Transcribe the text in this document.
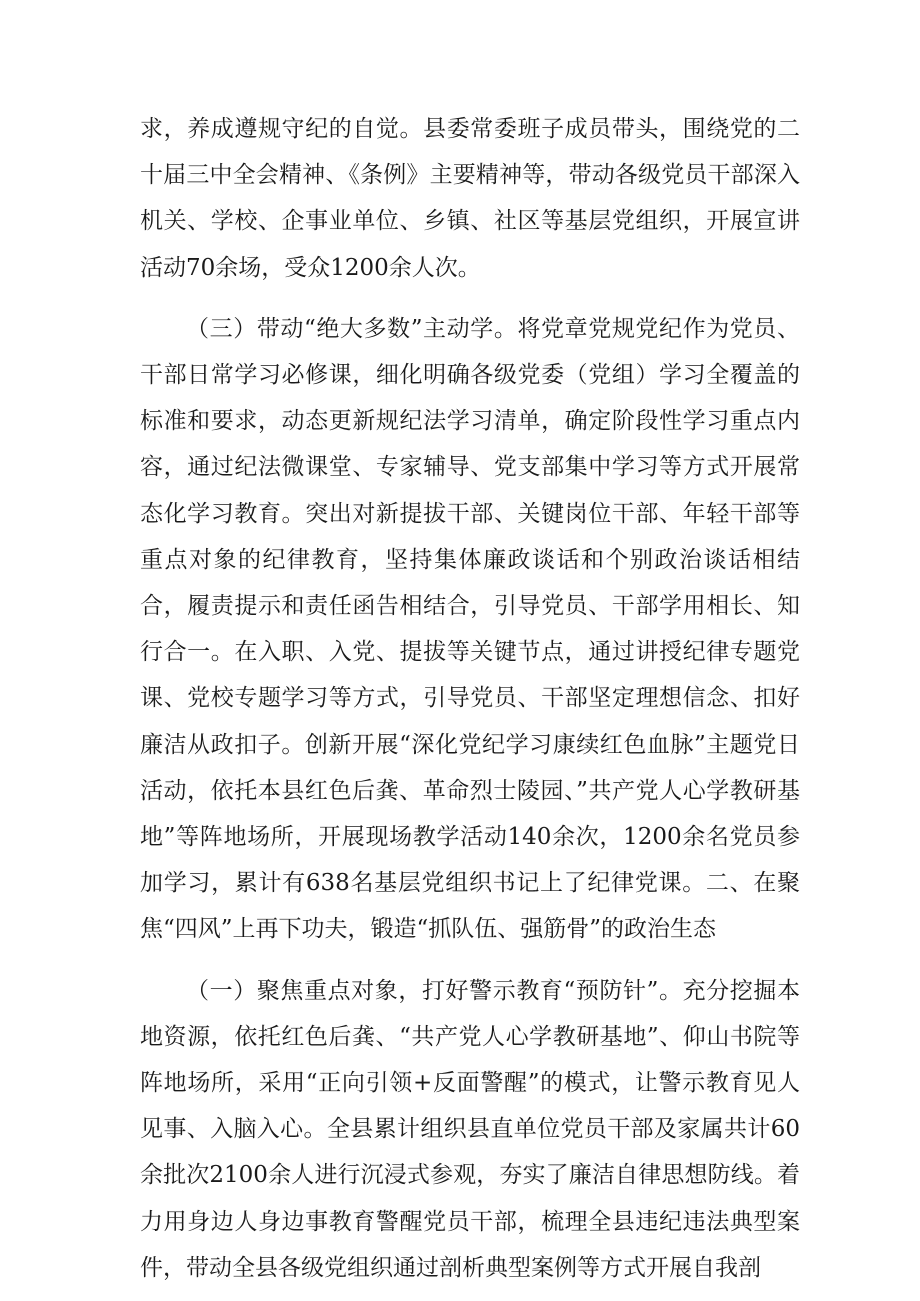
求，养成遵规守纪的自觉。县委常委班子成员带头，围绕党的二十届三中全会精神、《条例》主要精神等，带动各级党员干部深入机关、学校、企事业单位、乡镇、社区等基层党组织，开展宣讲活动70余场，受众1200余人次。

（三）带动“绝大多数”主动学。将党章党规党纪作为党员、干部日常学习必修课，细化明确各级党委（党组）学习全覆盖的标准和要求，动态更新规纪法学习清单，确定阶段性学习重点内容，通过纪法微课堂、专家辅导、党支部集中学习等方式开展常态化学习教育。突出对新提拔干部、关键岗位干部、年轻干部等重点对象的纪律教育，坚持集体廉政谈话和个别政治谈话相结合，履责提示和责任函告相结合，引导党员、干部学用相长、知行合一。在入职、入党、提拔等关键节点，通过讲授纪律专题党课、党校专题学习等方式，引导党员、干部坚定理想信念、扣好廉洁从政扣子。创新开展“深化党纪学习康续红色血脉”主题党日活动，依托本县红色后龚、革命烈士陵园、”共产党人心学教研基地”等阵地场所，开展现场教学活动140余次，1200余名党员参加学习，累计有638名基层党组织书记上了纪律党课。二、在聚焦“四风”上再下功夫，锻造“抓队伍、强筋骨”的政治生态

（一）聚焦重点对象，打好警示教育“预防针”。充分挖掘本地资源，依托红色后龚、“共产党人心学教研基地”、仰山书院等阵地场所，采用“正向引领+反面警醒”的模式，让警示教育见人见事、入脑入心。全县累计组织县直单位党员干部及家属共计60余批次2100余人进行沉浸式参观，夯实了廉洁自律思想防线。着力用身边人身边事教育警醒党员干部，梳理全县违纪违法典型案件，带动全县各级党组织通过剖析典型案例等方式开展自我剖
